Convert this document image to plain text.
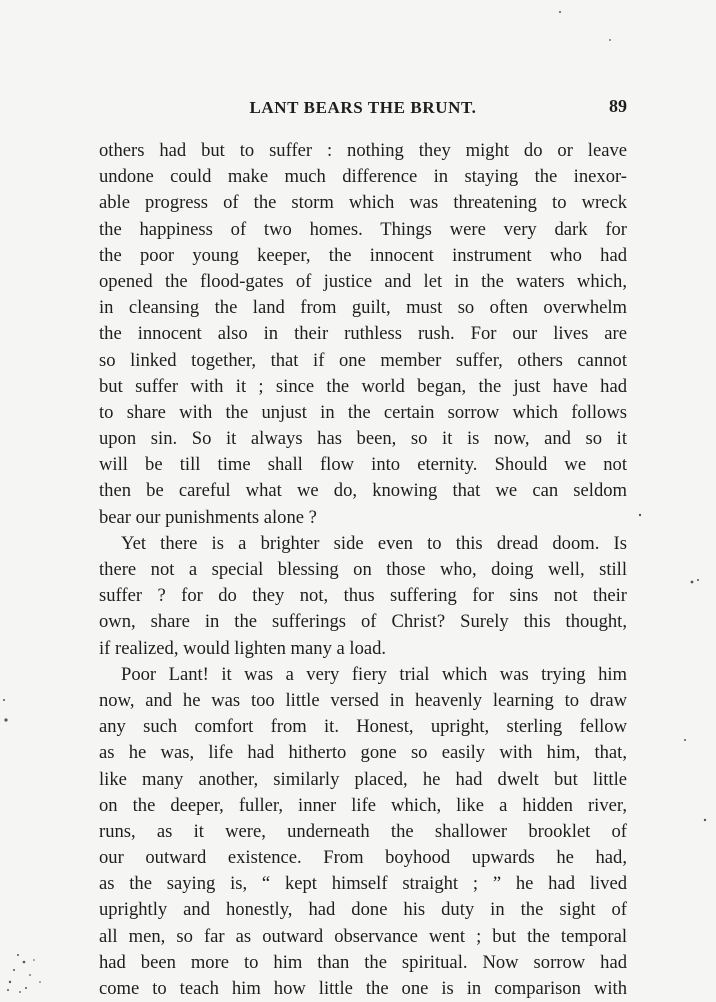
LANT BEARS THE BRUNT.	89
others had but to suffer : nothing they might do or leave
undone could make much difference in staying the inexor-
able progress of the storm which was threatening to wreck
the happiness of two homes. Things were very dark for
the poor young keeper, the innocent instrument who had
opened the flood-gates of justice and let in the waters which,
in cleansing the land from guilt, must so often overwhelm
the innocent also in their ruthless rush. For our lives are
so linked together, that if one member suffer, others cannot
but suffer with it ; since the world began, the just have had
to share with the unjust in the certain sorrow which follows
upon sin. So it always has been, so it is now, and so it
will be till time shall flow into eternity. Should we not
then be careful what we do, knowing that we can seldom
bear our punishments alone ?
Yet there is a brighter side even to this dread doom. Is
there not a special blessing on those who, doing well, still
suffer ? for do they not, thus suffering for sins not their
own, share in the sufferings of Christ? Surely this thought,
if realized, would lighten many a load.
Poor Lant! it was a very fiery trial which was trying him
now, and he was too little versed in heavenly learning to draw
any such comfort from it. Honest, upright, sterling fellow
as he was, life had hitherto gone so easily with him, that,
like many another, similarly placed, he had dwelt but little
on the deeper, fuller, inner life which, like a hidden river,
runs, as it were, underneath the shallower brooklet of
our outward existence. From boyhood upwards he had,
as the saying is, “ kept himself straight ; ” he had lived
uprightly and honestly, had done his duty in the sight of
all men, so far as outward observance went ; but the temporal
had been more to him than the spiritual. Now sorrow had
come to teach him how little the one is in comparison with
